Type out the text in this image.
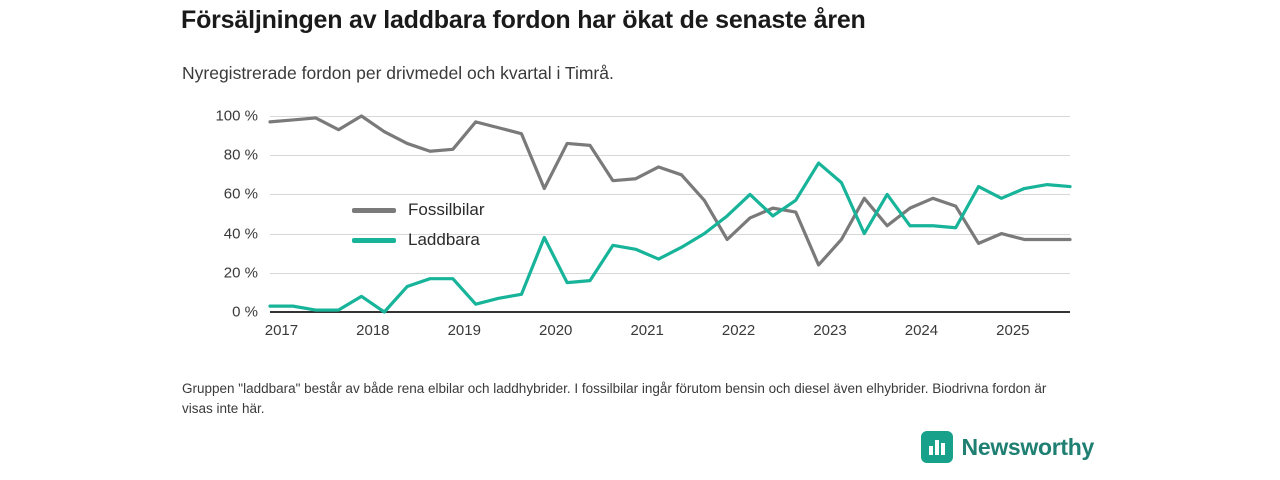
Försäljningen av laddbara fordon har ökat de senaste åren
Nyregistrerade fordon per drivmedel och kvartal i Timrå.
0 %
20 %
40 %
60 %
80 %
100 %
2017	2018	2019	2020	2021	2022	2023	2024	2025
Fossilbilar
Laddbara
Gruppen "laddbara" består av både rena elbilar och laddhybrider. I fossilbilar ingår förutom bensin och diesel även elhybrider. Biodrivna fordon är visas inte här.
Newsworthy
